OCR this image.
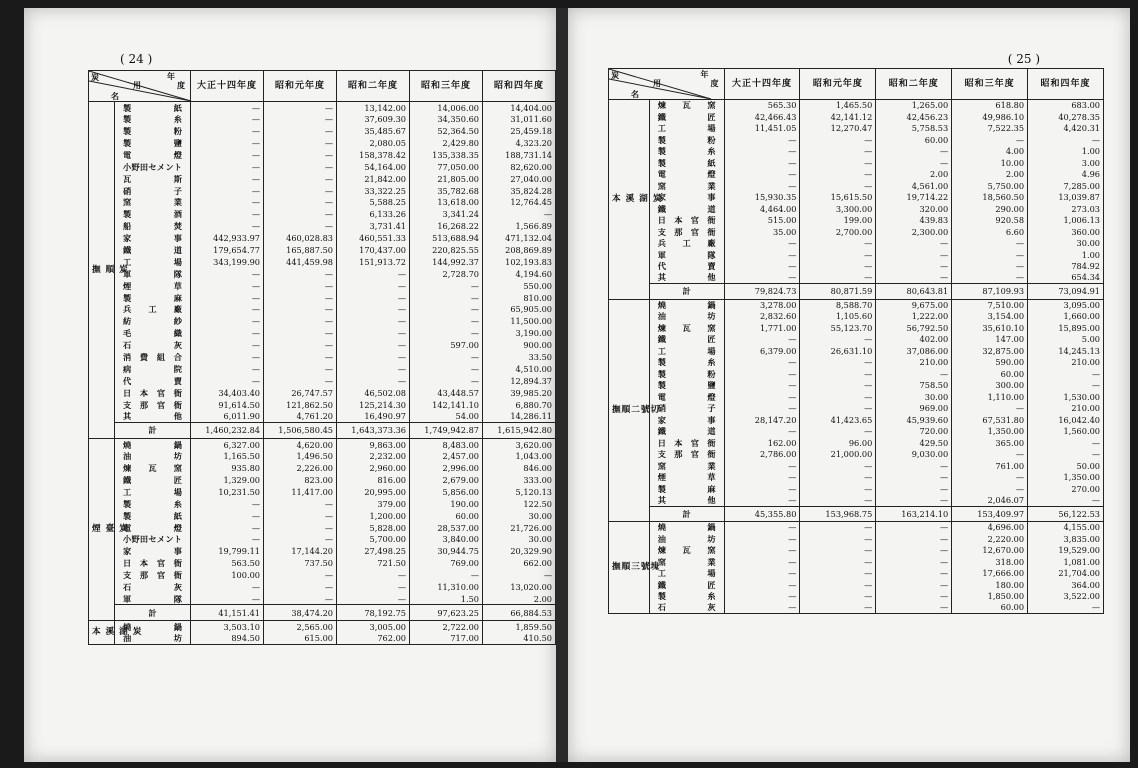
( 24 )
年
度
用
炭
名		大正十四年度	昭和元年度	昭和二年度	昭和三年度	昭和四年度
撫 順 炭	製紙	—	—	13,142.00	14,006.00	14,404.00
	製糸	—	—	37,609.30	34,350.60	31,011.60
	製粉	—	—	35,485.67	52,364.50	25,459.18
	製鹽	—	—	2,080.05	2,429.80	4,323.20
	電燈	—	—	158,378.42	135,338.35	188,731.14
	小野田セメント	—	—	54,164.00	77,050.00	82,620.00
	瓦斯	—	—	21,842.00	21,805.00	27,040.00
	硝子	—	—	33,322.25	35,782.68	35,824.28
	窯業	—	—	5,588.25	13,618.00	12,764.45
	製酒	—	—	6,133.26	3,341.24	—
	船焚	—	—	3,731.41	16,268.22	1,566.89
	家事	442,933.97	460,028.83	460,551.33	513,688.94	471,132.04
	鐵道	179,654.77	165,887.50	170,437.00	220,825.55	208,869.89
	工場	343,199.90	441,459.98	151,913.72	144,992.37	102,193.83
	軍隊	—	—	—	2,728.70	4,194.60
	煙草	—	—	—	—	550.00
	製麻	—	—	—	—	810.00
	兵工廠	—	—	—	—	65,905.00
	紡紗	—	—	—	—	11,500.00
	毛織	—	—	—	—	3,190.00
	石灰	—	—	—	597.00	900.00
	消費組合	—	—	—	—	33.50
	病院	—	—	—	—	4,510.00
	代賣	—	—	—	—	12,894.37
	日本官衙	34,403.40	26,747.57	46,502.08	43,448.57	39,985.20
	支那官衙	91,614.50	121,862.50	125,214.30	142,141.10	6,880.70
	其他	6,011.90	4,761.20	16,490.97	54.00	14,286.11
	計	1,460,232.84	1,506,580.45	1,643,373.36	1,749,942.87	1,615,942.80
煙 臺 炭	燒鍋	6,327.00	4,620.00	9,863.00	8,483.00	3,620.00
	油坊	1,165.50	1,496.50	2,232.00	2,457.00	1,043.00
	煉瓦窯	935.80	2,226.00	2,960.00	2,996.00	846.00
	鐵匠	1,329.00	823.00	816.00	2,679.00	333.00
	工場	10,231.50	11,417.00	20,995.00	5,856.00	5,120.13
	製糸	—	—	379.00	190.00	122.50
	製紙	—	—	1,200.00	60.00	30.00
	電燈	—	—	5,828.00	28,537.00	21,726.00
	小野田セメント	—	—	5,700.00	3,840.00	30.00
	家事	19,799.11	17,144.20	27,498.25	30,944.75	20,329.90
	日本官衙	563.50	737.50	721.50	769.00	662.00
	支那官衙	100.00	—	—	—	—
	石灰	—	—	—	11,310.00	13,020.00
	軍隊	—	—	—	1.50	2.00
	計	41,151.41	38,474.20	78,192.75	97,623.25	66,884.53
本 溪 湖 炭	燒鍋	3,503.10	2,565.00	3,005.00	2,722.00	1,859.50
	油坊	894.50	615.00	762.00	717.00	410.50
( 25 )
年
度
用
炭
名		大正十四年度	昭和元年度	昭和二年度	昭和三年度	昭和四年度
本 溪 湖 炭	煉瓦窯	565.30	1,465.50	1,265.00	618.80	683.00
	鐵匠	42,466.43	42,141.12	42,456.23	49,986.10	40,278.35
	工場	11,451.05	12,270.47	5,758.53	7,522.35	4,420.31
	製粉	—	—	60.00	—	—
	製糸	—	—	—	4.00	1.00
	製紙	—	—	—	10.00	3.00
	電燈	—	—	2.00	2.00	4.96
	窯業	—	—	4,561.00	5,750.00	7,285.00
	家事	15,930.35	15,615.50	19,714.22	18,560.50	13,039.87
	鐵道	4,464.00	3,300.00	320.00	290.00	273.03
	日本官衙	515.00	199.00	439.83	920.58	1,006.13
	支那官衙	35.00	2,700.00	2,300.00	6.60	360.00
	兵工廠	—	—	—	—	30.00
	軍隊	—	—	—	—	1.00
	代賣	—	—	—	—	784.92
	其他	—	—	—	—	654.34
	計	79,824.73	80,871.59	80,643.81	87,109.93	73,094.91
撫順二號切	燒鍋	3,278.00	8,588.70	9,675.00	7,510.00	3,095.00
	油坊	2,832.60	1,105.60	1,222.00	3,154.00	1,660.00
	煉瓦窯	1,771.00	55,123.70	56,792.50	35,610.10	15,895.00
	鐵匠	—	—	402.00	147.00	5.00
	工場	6,379.00	26,631.10	37,086.00	32,875.00	14,245.13
	製糸	—	—	210.00	590.00	210.00
	製粉	—	—	—	60.00	—
	製鹽	—	—	758.50	300.00	—
	電燈	—	—	30.00	1,110.00	1,530.00
	硝子	—	—	969.00	—	210.00
	家事	28,147.20	41,423.65	45,939.60	67,531.80	16,042.40
	鐵道	—	—	720.00	1,350.00	1,560.00
	日本官衙	162.00	96.00	429.50	365.00	—
	支那官衙	2,786.00	21,000.00	9,030.00	—	—
	窯業	—	—	—	761.00	50.00
	煙草	—	—	—	—	1,350.00
	製麻	—	—	—	—	270.00
	其他	—	—	—	2,046.07	—
	計	45,355.80	153,968.75	163,214.10	153,409.97	56,122.53
撫順三號塊	燒鍋	—	—	—	4,696.00	4,155.00
	油坊	—	—	—	2,220.00	3,835.00
	煉瓦窯	—	—	—	12,670.00	19,529.00
	窯業	—	—	—	318.00	1,081.00
	工場	—	—	—	17,666.00	21,704.00
	鐵匠	—	—	—	180.00	364.00
	製糸	—	—	—	1,850.00	3,522.00
	石灰	—	—	—	60.00	—
